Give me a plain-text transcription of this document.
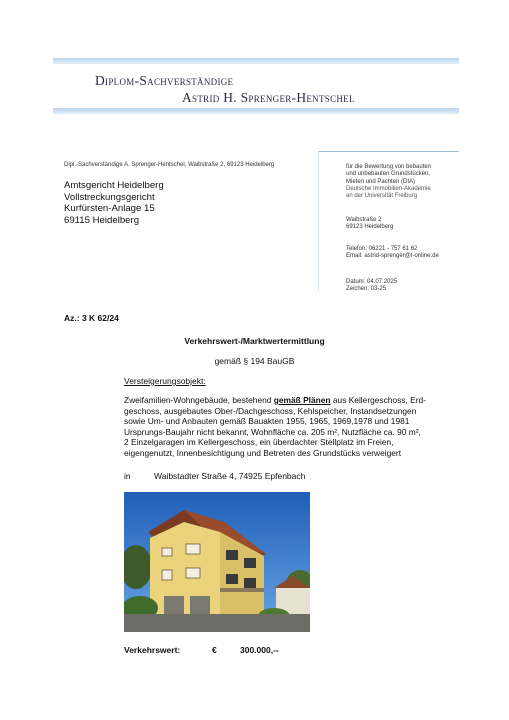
Diplom-Sachverständige
Astrid H. Sprenger-Hentschel
Dipl.-Sachverständige A. Sprenger-Hentschel, Waibstraße 2, 69123 Heidelberg
Amtsgericht Heidelberg
Vollstreckungsgericht
Kurfürsten-Anlage 15
69115 Heidelberg
für die Bewertung von bebauten
und unbebauten Grundstücken,
Mieten und Pachten (DIA)
Deutsche Immobilien-Akademie
an der Universität Freiburg
Waibstraße 2
69123 Heidelberg
Telefon: 06221 - 757 61 62
Email: astrid-sprenger@t-online.de
Datum: 04.07.2025
Zeichen: 03-25
Az.: 3 K 62/24
Verkehrswert-/Marktwertermittlung
gemäß § 194 BauGB
Versteigerungsobjekt:
Zweifamilien-Wohngebäude, bestehend gemäß Plänen aus Kellergeschoss, Erd-
geschoss, ausgebautes Ober-/Dachgeschoss, Kehlspeicher, Instandsetzungen
sowie Um- und Anbauten gemäß Bauakten 1955, 1965, 1969,1978 und 1981
Ursprungs-Baujahr nicht bekannt, Wohnfläche ca. 205 m², Nutzfläche ca. 90 m²,
2 Einzelgaragen im Kellergeschoss, ein überdachter Stellplatz im Freien,
eigengenutzt, Innenbesichtigung und Betreten des Grundstücks verweigert
in	Waibstadter Straße 4, 74925 Epfenbach
Verkehrswert:	€	300.000,--
